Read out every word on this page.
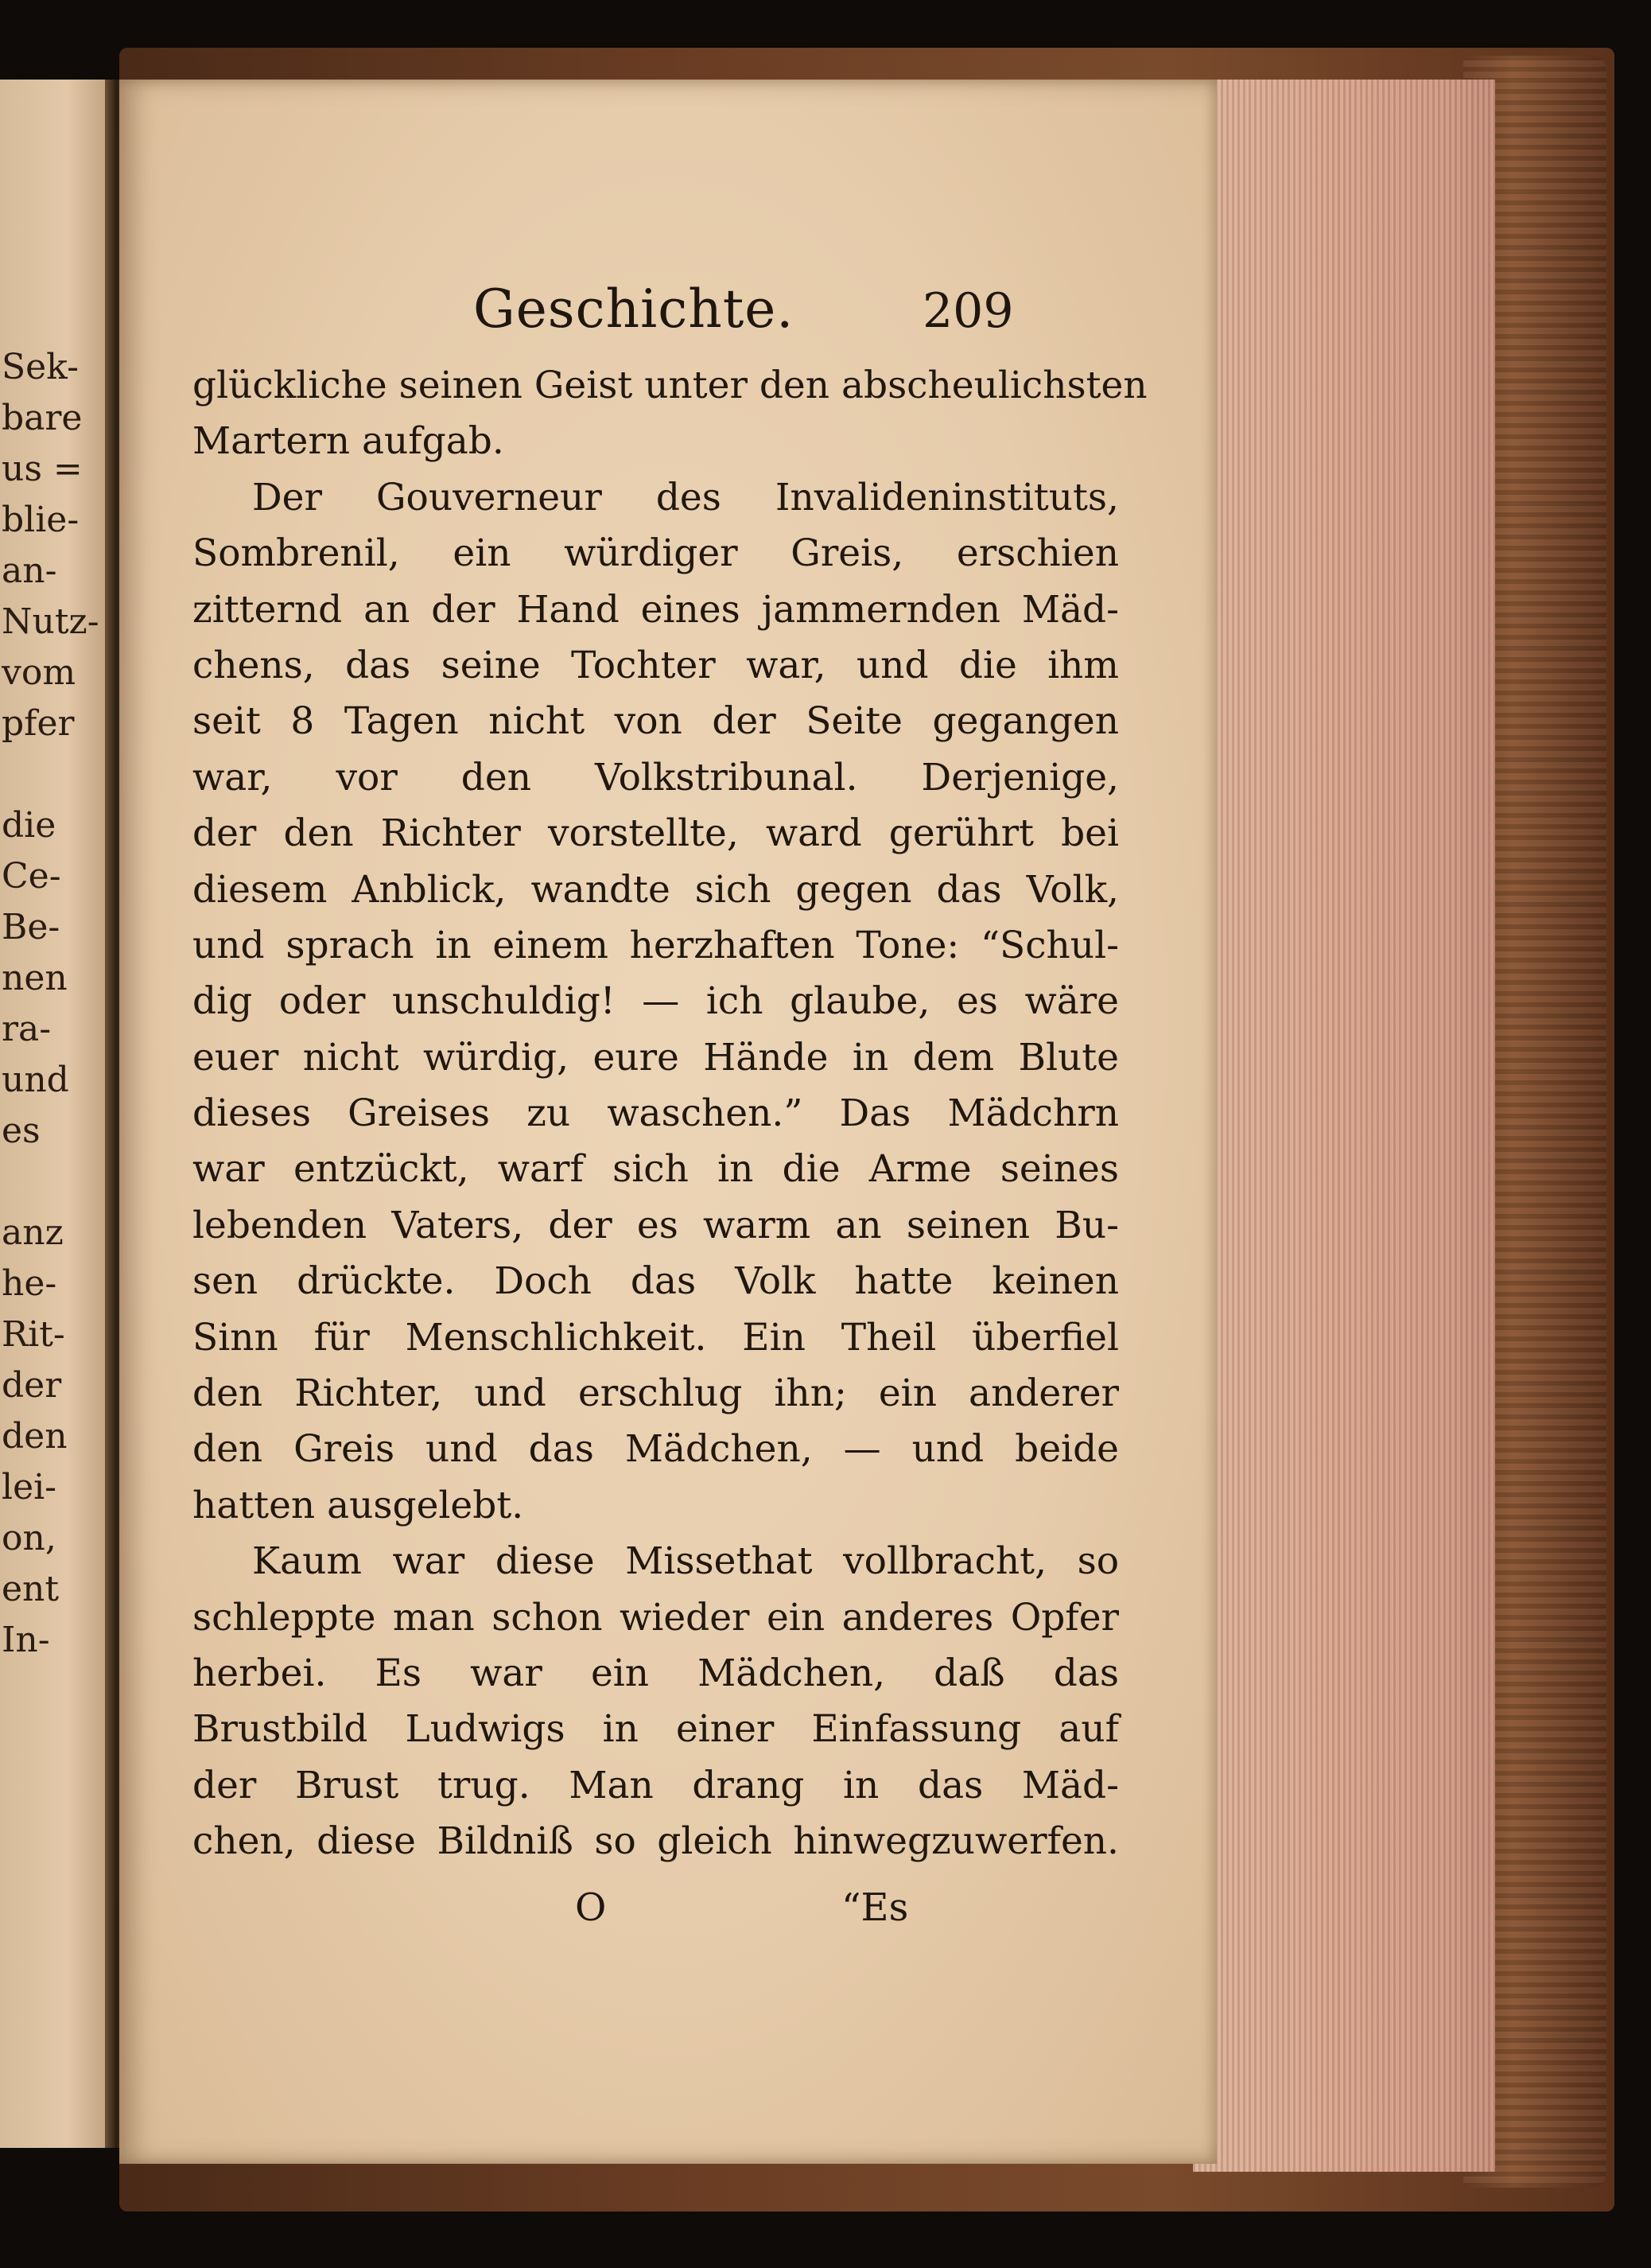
Sek-
bare
us =
blie-
an-
Nutz-
vom
pfer

die
Ce-
Be-
nen
ra-
und
es

anz
he-
Rit-
der
den
lei-
on,
ent
In-
Geschichte.	209
glückliche seinen Geist unter den abscheulichsten
Martern aufgab.
Der Gouverneur des Invalideninstituts,
Sombrenil, ein würdiger Greis, erschien
zitternd an der Hand eines jammernden Mäd-
chens, das seine Tochter war, und die ihm
seit 8 Tagen nicht von der Seite gegangen
war, vor den Volkstribunal. Derjenige,
der den Richter vorstellte, ward gerührt bei
diesem Anblick, wandte sich gegen das Volk,
und sprach in einem herzhaften Tone: “Schul-
dig oder unschuldig! — ich glaube, es wäre
euer nicht würdig, eure Hände in dem Blute
dieses Greises zu waschen.” Das Mädchrn
war entzückt, warf sich in die Arme seines
lebenden Vaters, der es warm an seinen Bu-
sen drückte. Doch das Volk hatte keinen
Sinn für Menschlichkeit. Ein Theil überfiel
den Richter, und erschlug ihn; ein anderer
den Greis und das Mädchen, — und beide
hatten ausgelebt.
Kaum war diese Missethat vollbracht, so
schleppte man schon wieder ein anderes Opfer
herbei. Es war ein Mädchen, daß das
Brustbild Ludwigs in einer Einfassung auf
der Brust trug. Man drang in das Mäd-
chen, diese Bildniß so gleich hinwegzuwerfen.
O	“Es
